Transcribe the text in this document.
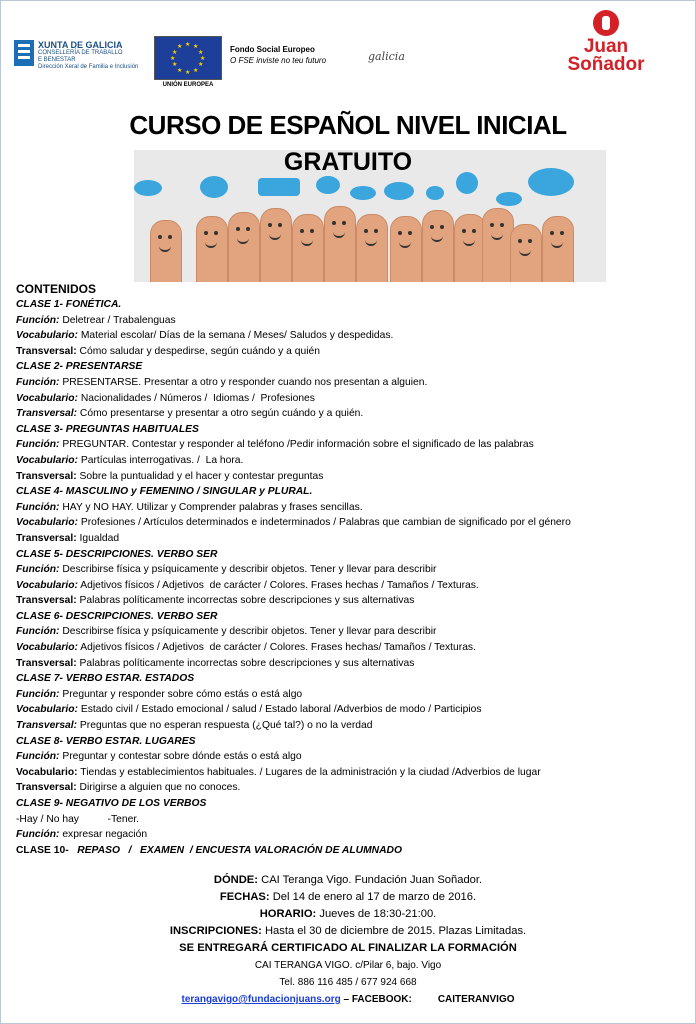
XUNTA DE GALICIA
CONSELLERÍA DE TRABALLO
E BENESTAR
Dirección Xeral de Familia e Inclusión
★ ★
★
★
★
★
★
★
★
★
★
★
UNIÓN EUROPEA
Fondo Social Europeo
O FSE inviste no teu futuro	galicia	Juan
Soñador
CURSO DE ESPAÑOL NIVEL INICIAL
GRATUITO
CONTENIDOS
CLASE 1- FONÉTICA.
Función: Deletrear / Trabalenguas
Vocabulario: Material escolar/ Días de la semana / Meses/ Saludos y despedidas.
Transversal: Cómo saludar y despedirse, según cuándo y a quién
CLASE 2- PRESENTARSE
Función: PRESENTARSE. Presentar a otro y responder cuando nos presentan a alguien.
Vocabulario: Nacionalidades / Números /  Idiomas /  Profesiones
Transversal: Cómo presentarse y presentar a otro según cuándo y a quién.
CLASE 3- PREGUNTAS HABITUALES
Función: PREGUNTAR. Contestar y responder al teléfono /Pedir información sobre el significado de las palabras
Vocabulario: Partículas interrogativas. /  La hora.
Transversal: Sobre la puntualidad y el hacer y contestar preguntas
CLASE 4- MASCULINO y FEMENINO / SINGULAR y PLURAL.
Función: HAY y NO HAY. Utilizar y Comprender palabras y frases sencillas.
Vocabulario: Profesiones / Artículos determinados e indeterminados / Palabras que cambian de significado por el género
Transversal: Igualdad
CLASE 5- DESCRIPCIONES. VERBO SER
Función: Describirse física y psíquicamente y describir objetos. Tener y llevar para describir
Vocabulario: Adjetivos físicos / Adjetivos  de carácter / Colores. Frases hechas / Tamaños / Texturas.
Transversal: Palabras políticamente incorrectas sobre descripciones y sus alternativas
CLASE 6- DESCRIPCIONES. VERBO SER
Función: Describirse física y psíquicamente y describir objetos. Tener y llevar para describir
Vocabulario: Adjetivos físicos / Adjetivos  de carácter / Colores. Frases hechas/ Tamaños / Texturas.
Transversal: Palabras políticamente incorrectas sobre descripciones y sus alternativas
CLASE 7- VERBO ESTAR. ESTADOS
Función: Preguntar y responder sobre cómo estás o está algo
Vocabulario: Estado civil / Estado emocional / salud / Estado laboral /Adverbios de modo / Participios
Transversal: Preguntas que no esperan respuesta (¿Qué tal?) o no la verdad
CLASE 8- VERBO ESTAR. LUGARES
Función: Preguntar y contestar sobre dónde estás o está algo
Vocabulario: Tiendas y establecimientos habituales. / Lugares de la administración y la ciudad /Adverbios de lugar
Transversal: Dirigirse a alguien que no conoces.
CLASE 9- NEGATIVO DE LOS VERBOS
-Hay / No hay          -Tener.
Función: expresar negación
CLASE 10-   REPASO   /   EXAMEN  / ENCUESTA VALORACIÓN DE ALUMNADO
DÓNDE: CAI Teranga Vigo. Fundación Juan Soñador.
FECHAS: Del 14 de enero al 17 de marzo de 2016.
HORARIO: Jueves de 18:30-21:00.
INSCRIPCIONES: Hasta el 30 de diciembre de 2015. Plazas Limitadas.
SE ENTREGARÁ CERTIFICADO AL FINALIZAR LA FORMACIÓN
CAI TERANGA VIGO. c/Pilar 6, bajo. Vigo
Tel. 886 116 485 / 677 924 668
terangavigo@fundacionjuans.org – FACEBOOK:	CAITERANVIGO
